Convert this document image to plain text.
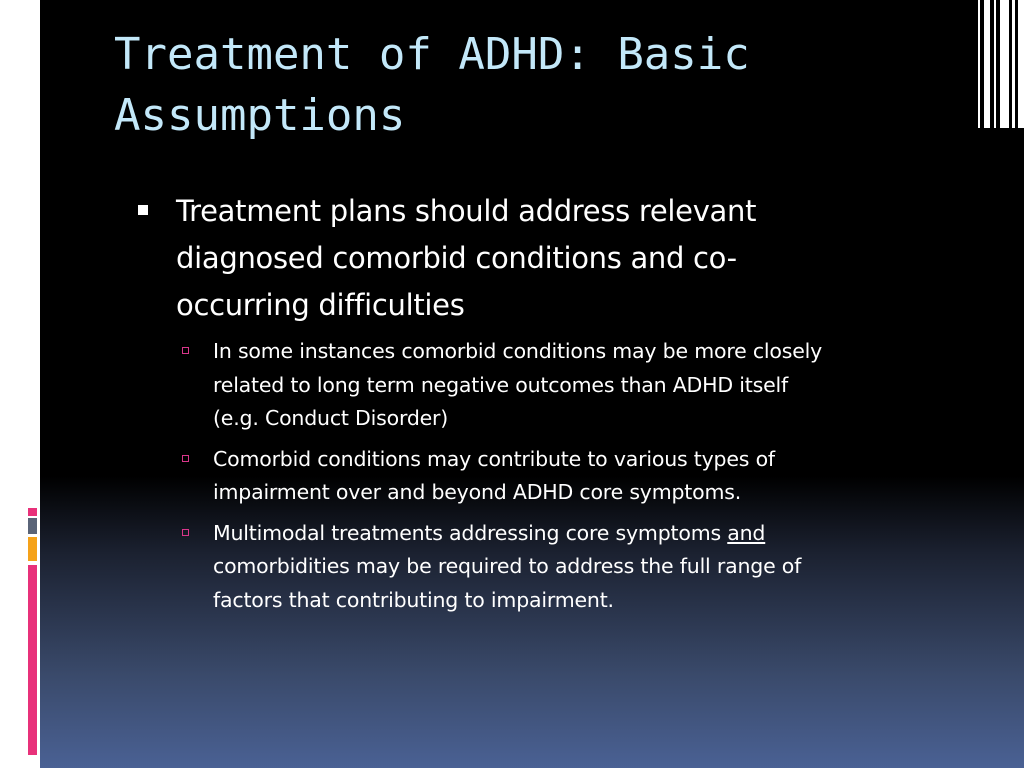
Treatment of ADHD: Basic
Assumptions
Treatment plans should address relevant
diagnosed comorbid conditions and co-
occurring difficulties
In some instances comorbid conditions may be more closely
related to long term negative outcomes than ADHD itself
(e.g. Conduct Disorder)
Comorbid conditions may contribute to various types of
impairment over and beyond ADHD core symptoms.
Multimodal treatments addressing core symptoms and
comorbidities may be required to address the full range of
factors that contributing to impairment.
